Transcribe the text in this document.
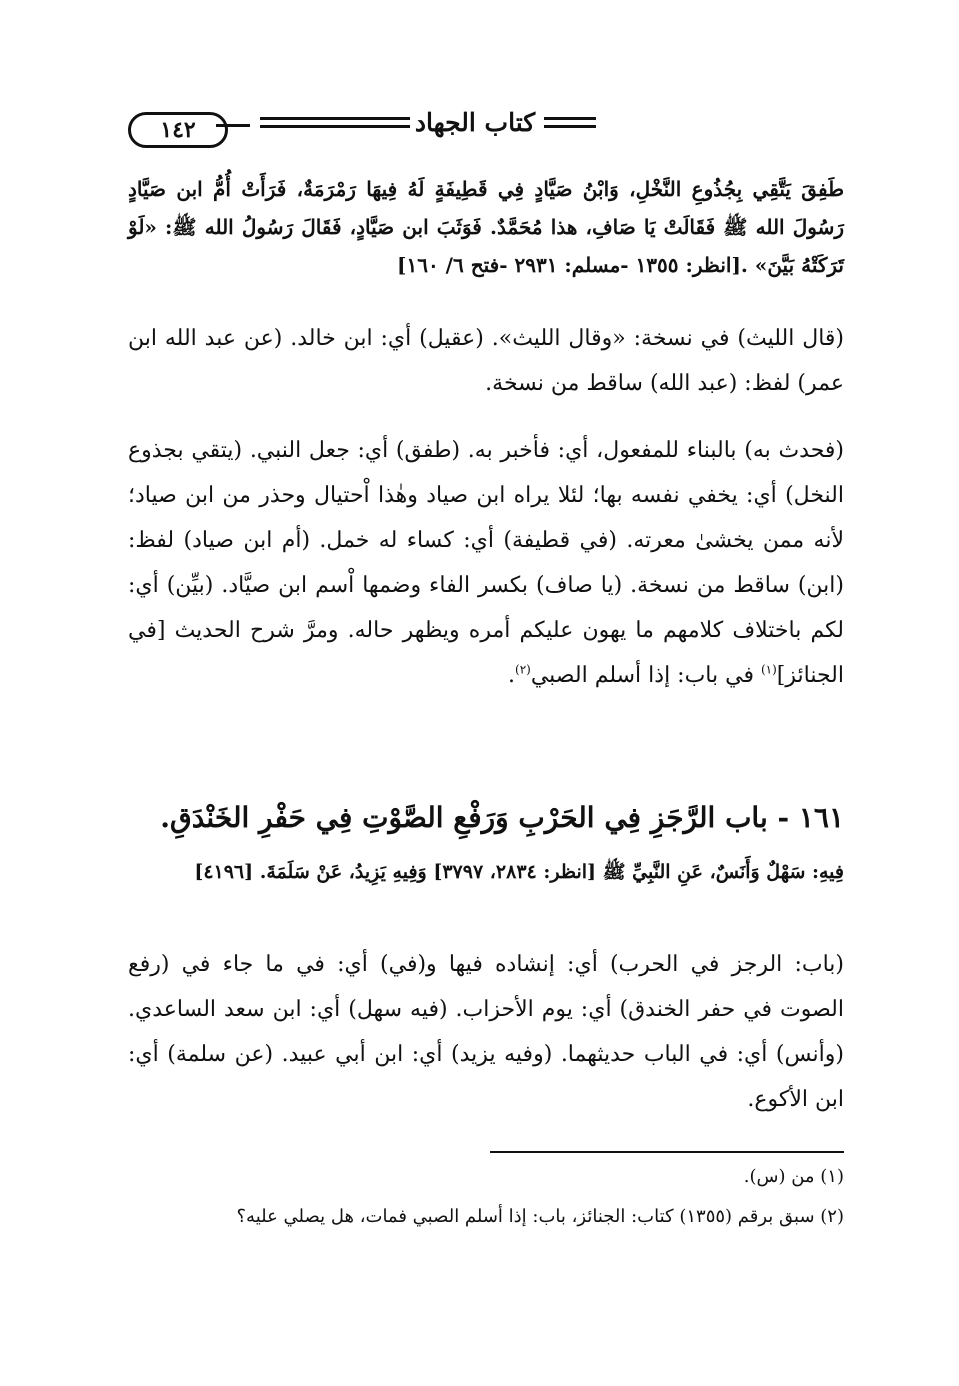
١٤٢	كتاب الجهاد

طَفِقَ يَتَّقِي بِجُذُوعِ النَّخْلِ، وَابْنُ صَيَّادٍ فِي قَطِيفَةٍ لَهُ فِيهَا رَمْرَمَةٌ، فَرَأَتْ أُمُّ ابن صَيَّادٍ رَسُولَ الله ﷺ فَقَالَتْ يَا صَافِ، هذا مُحَمَّدٌ. فَوَثَبَ ابن صَيَّادٍ، فَقَالَ رَسُولُ الله ﷺ: «لَوْ تَرَكَتْهُ بَيَّنَ» .[انظر: ١٣٥٥ -مسلم: ٢٩٣١ -فتح ٦/ ١٦٠]

(قال الليث) في نسخة: «وقال الليث». (عقيل) أي: ابن خالد. (عن عبد الله ابن عمر) لفظ: (عبد الله) ساقط من نسخة.

(فحدث به) بالبناء للمفعول، أي: فأخبر به. (طفق) أي: جعل النبي. (يتقي بجذوع النخل) أي: يخفي نفسه بها؛ لئلا يراه ابن صياد وهٰذا اْحتيال وحذر من ابن صياد؛ لأنه ممن يخشىٰ معرته. (في قطيفة) أي: كساء له خمل. (أم ابن صياد) لفظ: (ابن) ساقط من نسخة. (يا صاف) بكسر الفاء وضمها اْسم ابن صيَّاد. (بيِّن) أي: لكم باختلاف كلامهم ما يهون عليكم أمره ويظهر حاله. ومرَّ شرح الحديث [في الجنائز]$^{(١)}$ في باب: إذا أسلم الصبي$^{(٢)}$.

١٦١ - باب الرَّجَزِ فِي الحَرْبِ وَرَفْعِ الصَّوْتِ فِي حَفْرِ الخَنْدَقِ.

فِيهِ: سَهْلٌ وَأَنَسٌ، عَنِ النَّبِيِّ ﷺ [انظر: ٢٨٣٤، ٣٧٩٧] وَفِيهِ يَزِيدُ، عَنْ سَلَمَةَ. [٤١٩٦]

(باب: الرجز في الحرب) أي: إنشاده فيها و(في) أي: في ما جاء في (رفع الصوت في حفر الخندق) أي: يوم الأحزاب. (فيه سهل) أي: ابن سعد الساعدي. (وأنس) أي: في الباب حديثهما. (وفيه يزيد) أي: ابن أبي عبيد. (عن سلمة) أي: ابن الأكوع.

(١) من (س).

(٢) سبق برقم (١٣٥٥) كتاب: الجنائز، باب: إذا أسلم الصبي فمات، هل يصلي عليه؟
